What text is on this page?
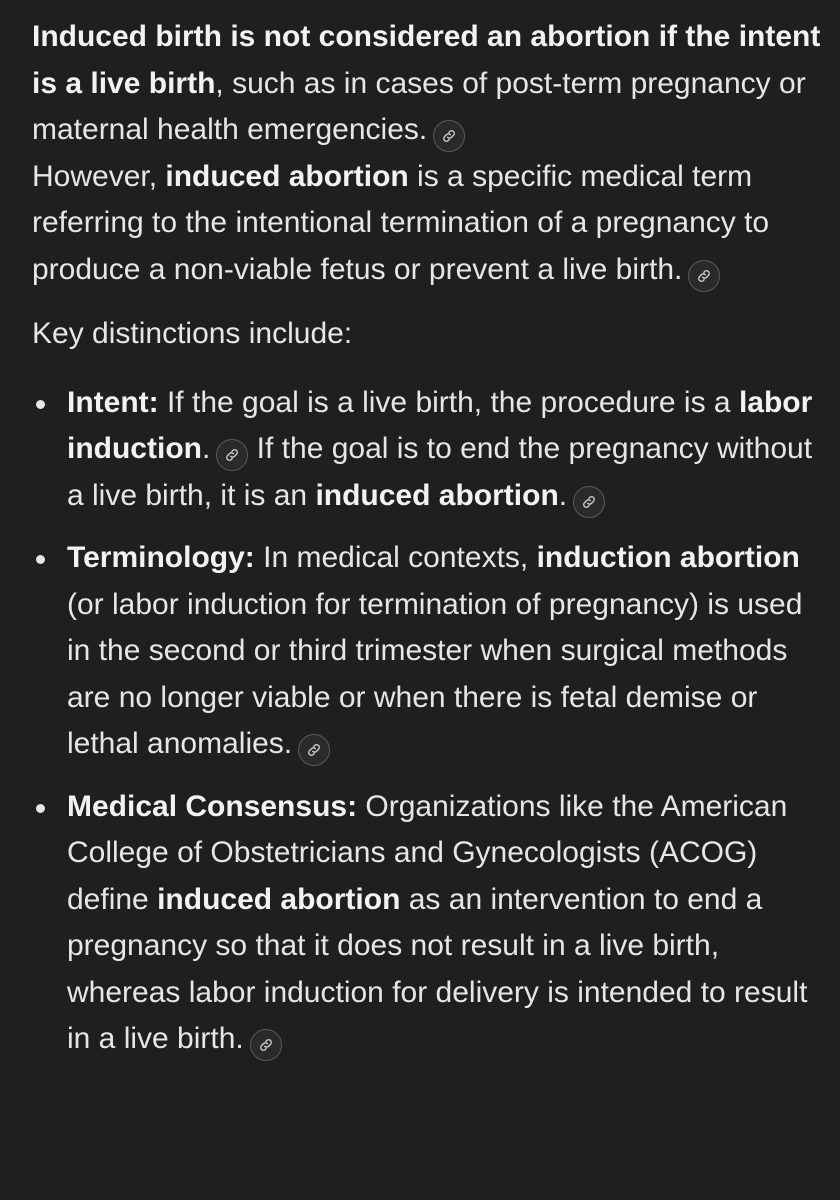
Induced birth is not considered an abortion if the intent is a live birth, such as in cases of post-term pregnancy or maternal health emergencies.

However, induced abortion is a specific medical term referring to the intentional termination of a pregnancy to produce a non-viable fetus or prevent a live birth.

Key distinctions include:

Intent: If the goal is a live birth, the procedure is a labor induction.
If the goal is to end the pregnancy without a live birth, it is an induced abortion.
Terminology: In medical contexts, induction abortion (or labor induction for termination of pregnancy) is used in the second or third trimester when surgical methods are no longer viable or when there is fetal demise or lethal anomalies.
Medical Consensus: Organizations like the American College of Obstetricians and Gynecologists (ACOG) define induced abortion as an intervention to end a pregnancy so that it does not result in a live birth, whereas labor induction for delivery is intended to result in a live birth.
